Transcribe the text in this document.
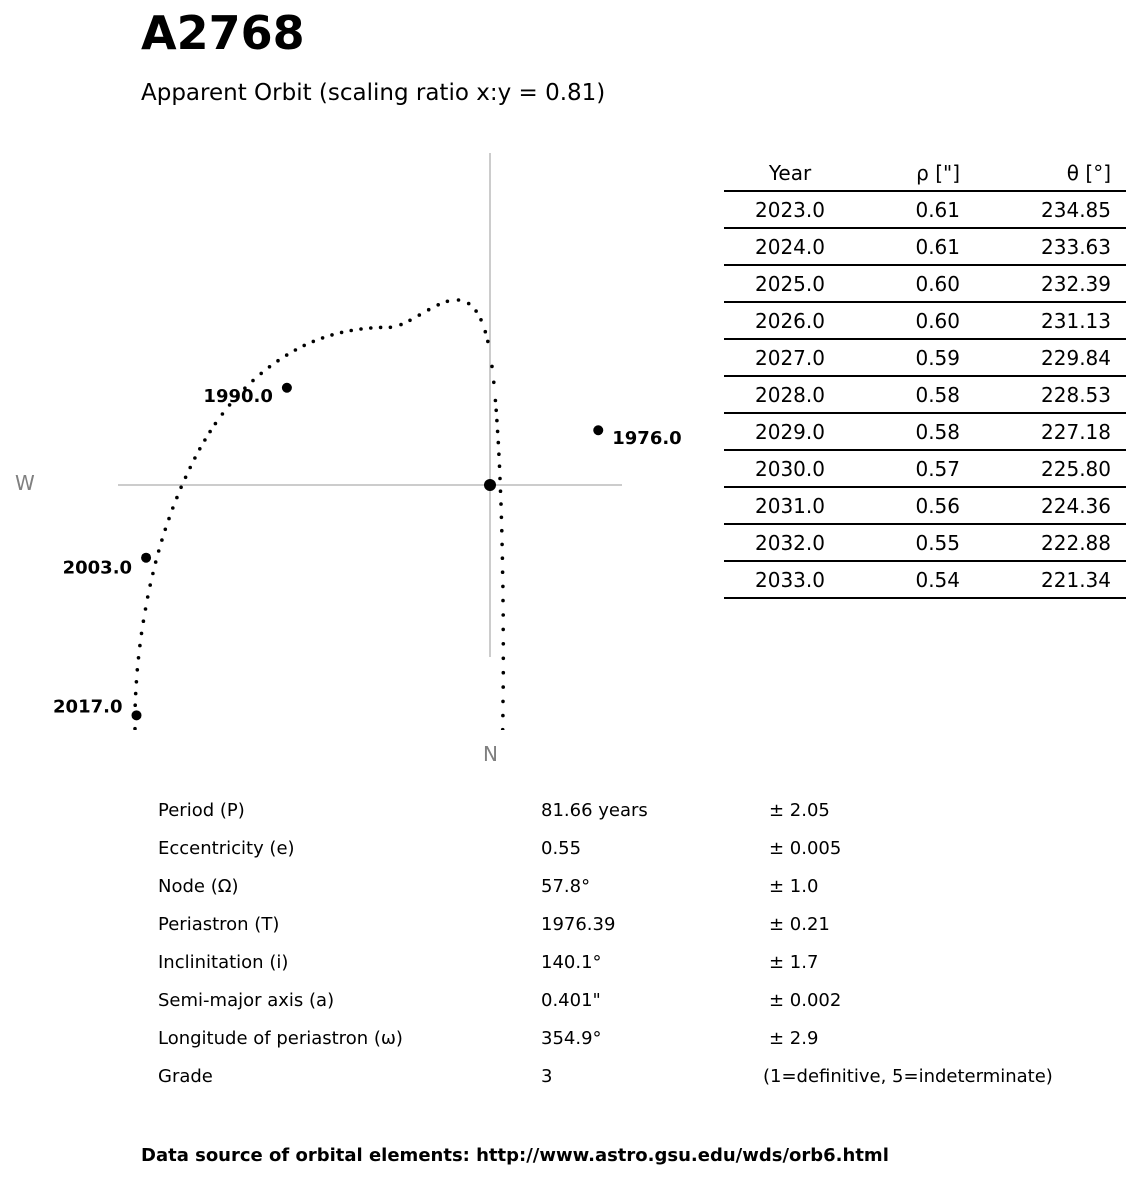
A2768
Apparent Orbit (scaling ratio x:y = 0.81)
1976.0
1990.0
2003.0
2017.0
W
N
Year	ρ ["]	θ [°]
2023.0	0.61	234.85
2024.0	0.61	233.63
2025.0	0.60	232.39
2026.0	0.60	231.13
2027.0	0.59	229.84
2028.0	0.58	228.53
2029.0	0.58	227.18
2030.0	0.57	225.80
2031.0	0.56	224.36
2032.0	0.55	222.88
2033.0	0.54	221.34
Period (P)	81.66 years	± 2.05
Eccentricity (e)	0.55	± 0.005
Node (Ω)	57.8°	± 1.0
Periastron (T)	1976.39	± 0.21
Inclinitation (i)	140.1°	± 1.7
Semi-major axis (a)	0.401"	± 0.002
Longitude of periastron (ω)	354.9°	± 2.9
Grade	3	(1=definitive, 5=indeterminate)
Data source of orbital elements: http://www.astro.gsu.edu/wds/orb6.html
